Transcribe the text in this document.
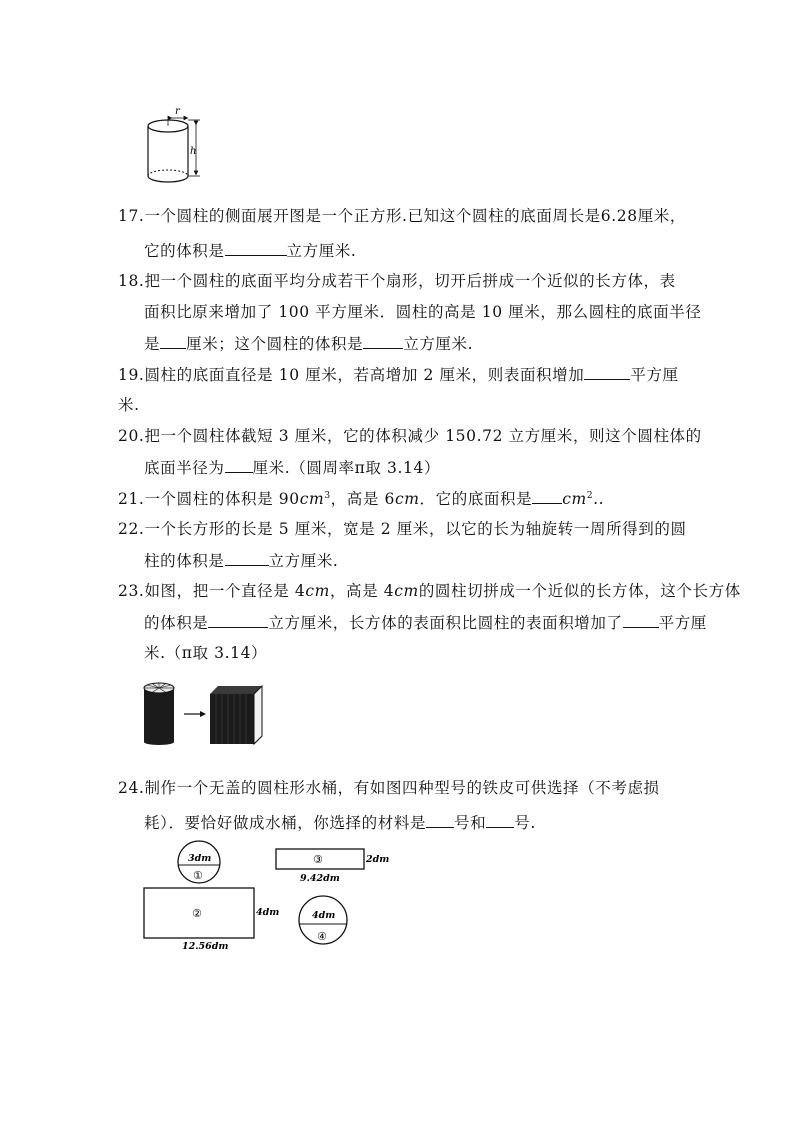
r
h
17.一个圆柱的侧面展开图是一个正方形.已知这个圆柱的底面周长是6.28厘米，
它的体积是	立方厘米.
18.把一个圆柱的底面平均分成若干个扇形，切开后拼成一个近似的长方体，表
面积比原来增加了 100 平方厘米．圆柱的高是 10 厘米，那么圆柱的底面半径
是 厘米；这个圆柱的体积是	立方厘米.
19.圆柱的底面直径是 10 厘米，若高增加 2 厘米，则表面积增加	平方厘
米.
20.把一个圆柱体截短 3 厘米，它的体积减少 150.72 立方厘米，则这个圆柱体的
底面半径为 厘米.（圆周率π取 3.14）
21.一个圆柱的体积是 $90cm^3$，高是 6cm．它的底面积是 $cm^2$..
22.一个长方形的长是 5 厘米，宽是 2 厘米，以它的长为轴旋转一周所得到的圆
柱的体积是	立方厘米.
23.如图，把一个直径是 4cm，高是 4cm的圆柱切拼成一个近似的长方体，这个长方体
的体积是	立方厘米，长方体的表面积比圆柱的表面积增加了 平方厘
米.（π取 3.14）
24.制作一个无盖的圆柱形水桶，有如图四种型号的铁皮可供选择（不考虑损
耗）．要恰好做成水桶，你选择的材料是 号和 号.
3dm
①
②	4dm
12.56dm
③	2dm
9.42dm
4dm
④
